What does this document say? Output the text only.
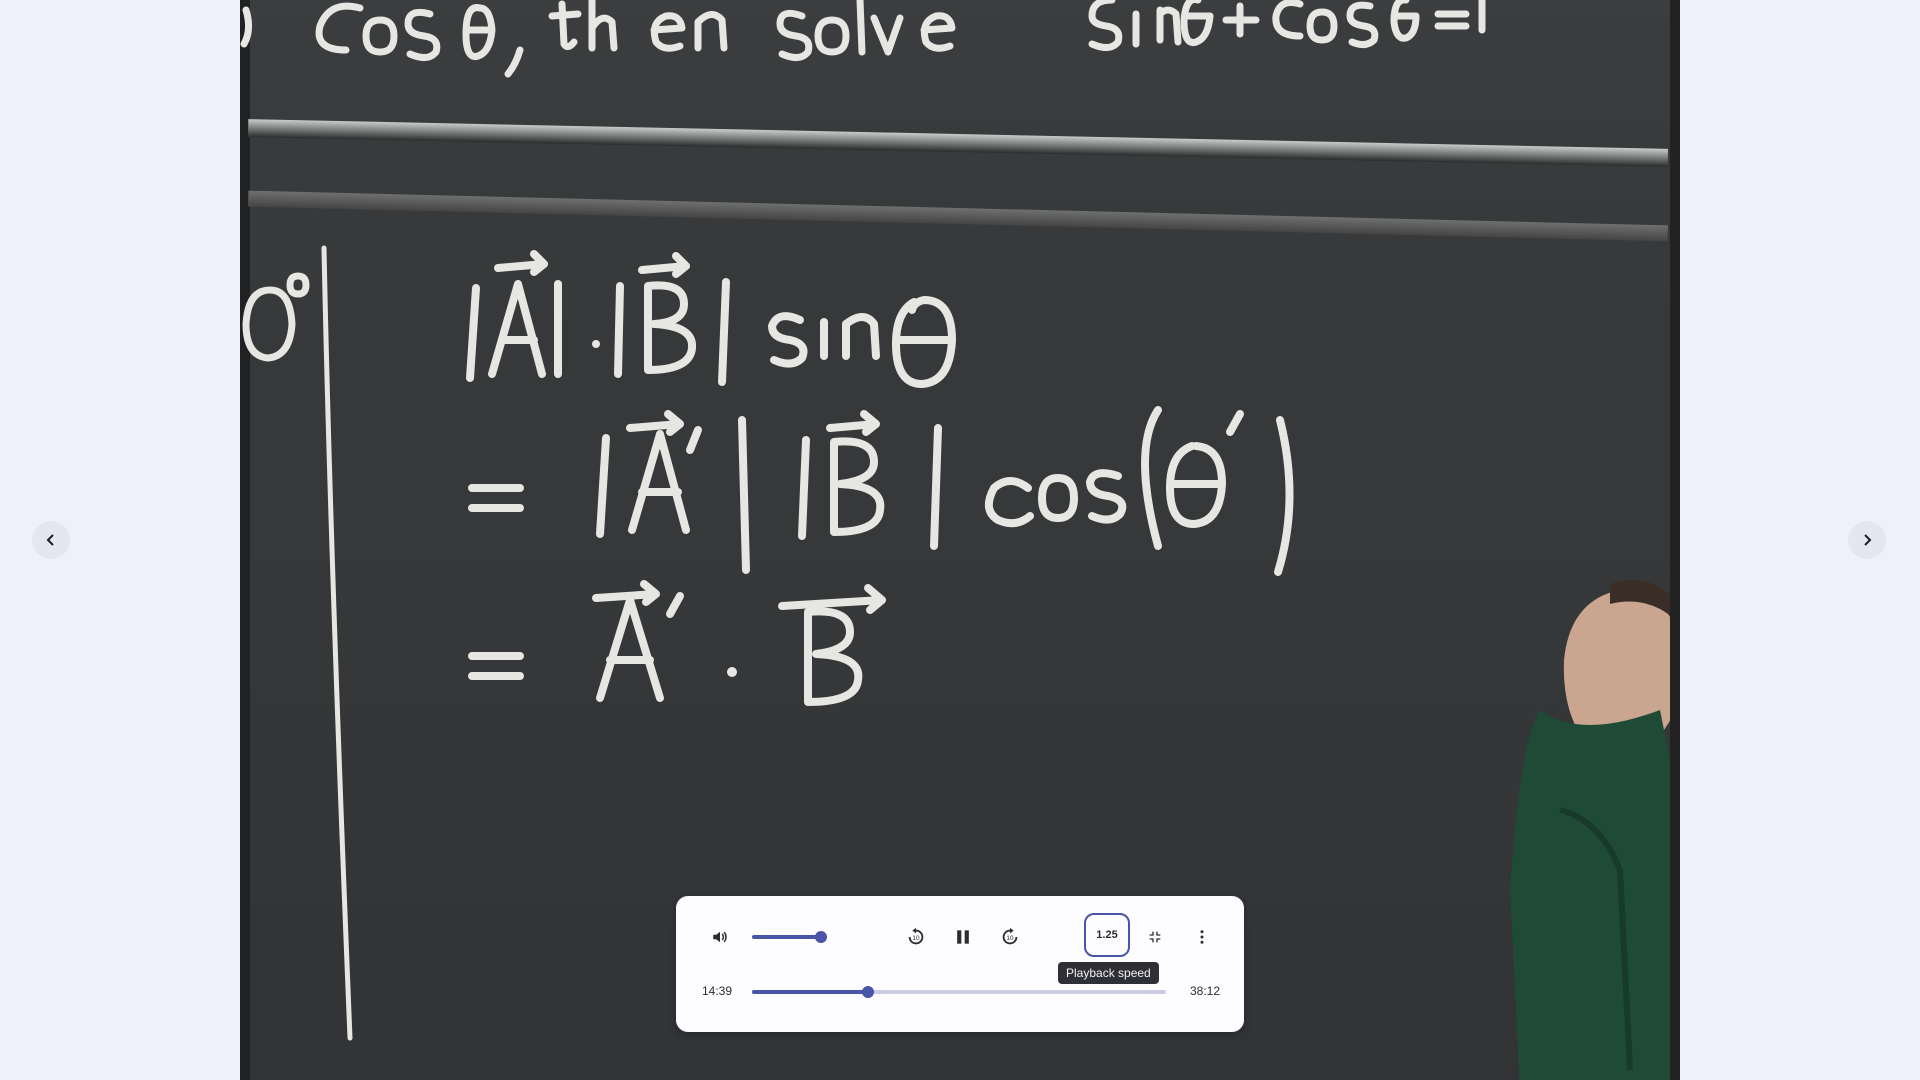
10	10	1.25
Playback speed
14:39	38:12
